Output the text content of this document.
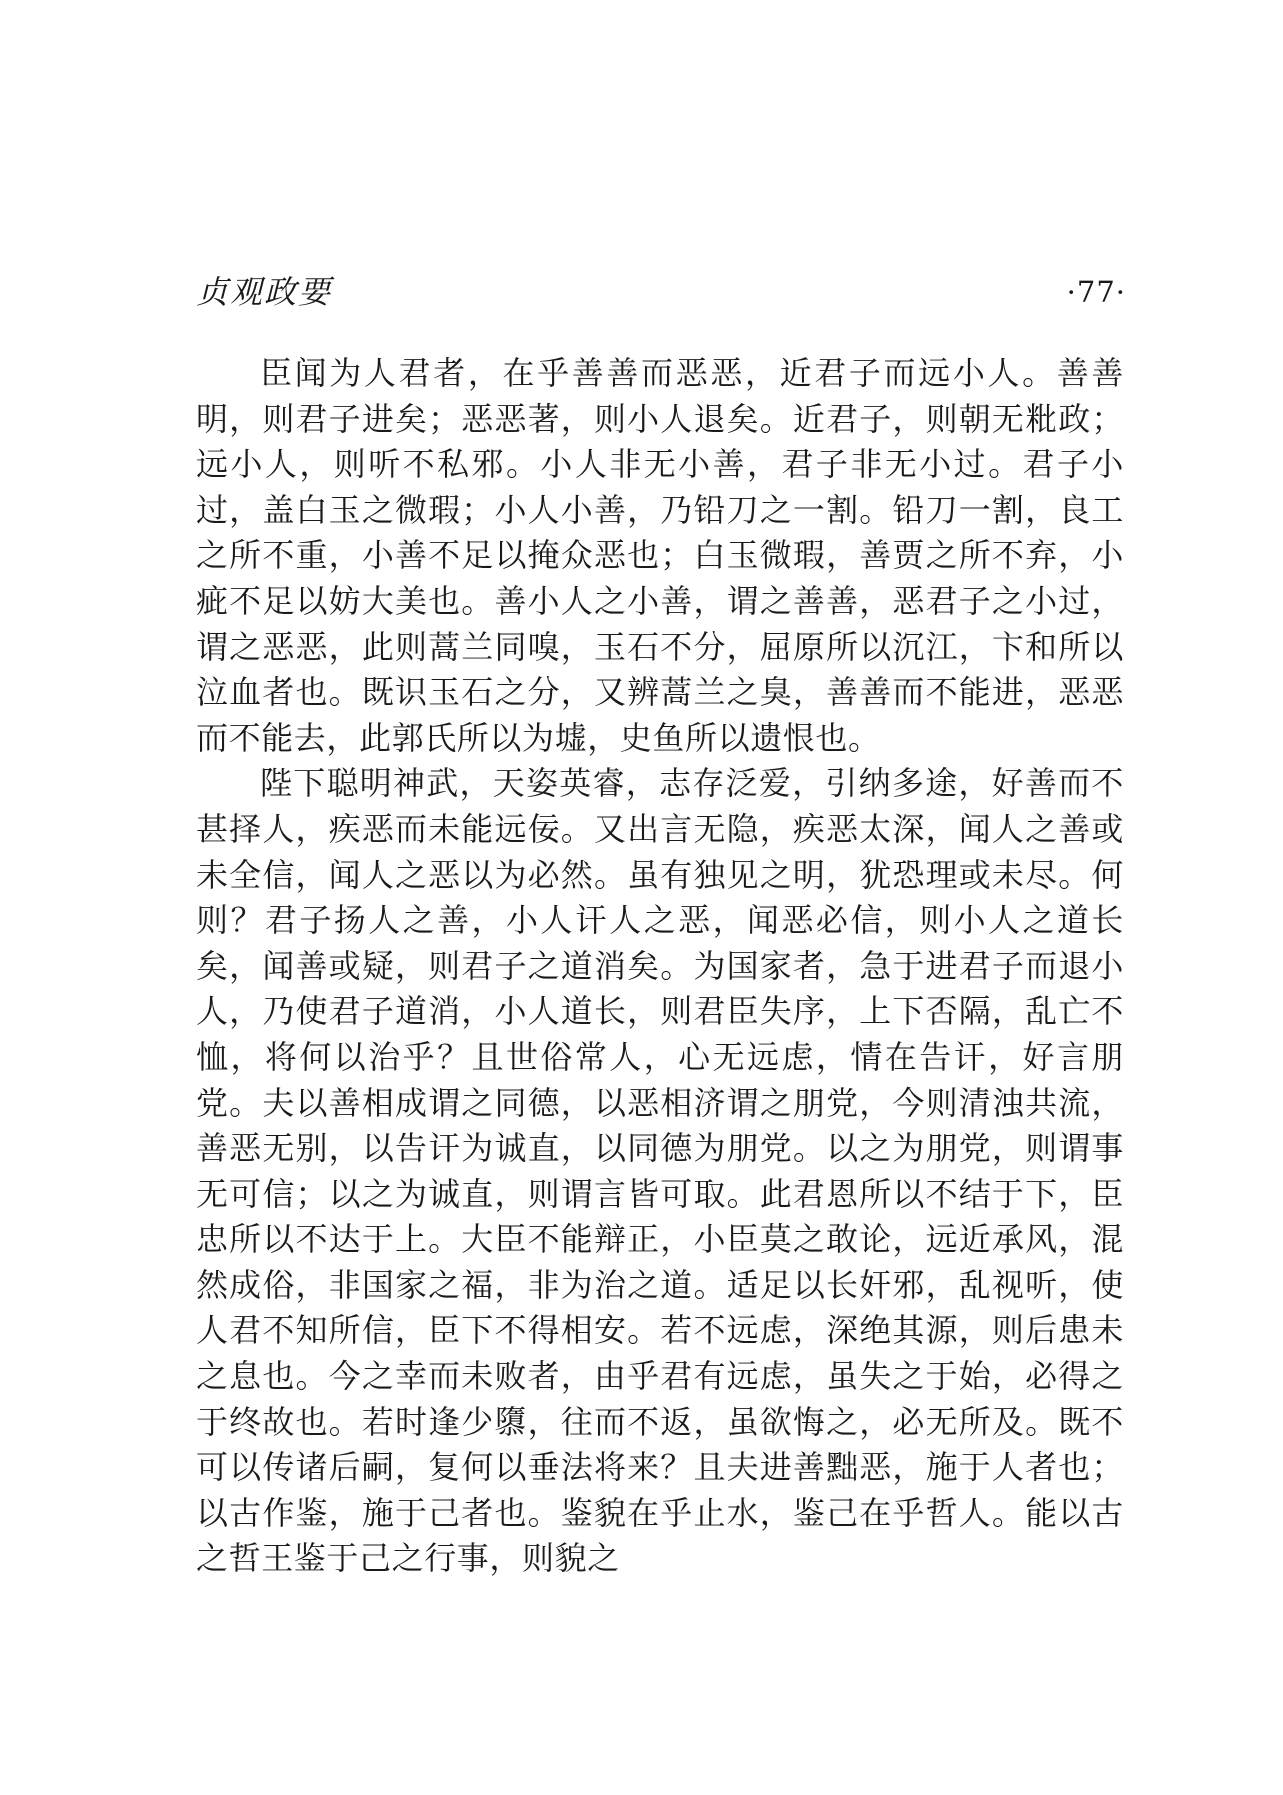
贞观政要	·77·

臣闻为人君者，在乎善善而恶恶，近君子而远小人。善善明，则君子进矣；恶恶著，则小人退矣。近君子，则朝无粃政；远小人，则听不私邪。小人非无小善，君子非无小过。君子小过，盖白玉之微瑕；小人小善，乃铅刀之一割。铅刀一割，良工之所不重，小善不足以掩众恶也；白玉微瑕，善贾之所不弃，小疵不足以妨大美也。善小人之小善，谓之善善，恶君子之小过，谓之恶恶，此则蒿兰同嗅，玉石不分，屈原所以沉江，卞和所以泣血者也。既识玉石之分，又辨蒿兰之臭，善善而不能进，恶恶而不能去，此郭氏所以为墟，史鱼所以遗恨也。

陛下聪明神武，天姿英睿，志存泛爱，引纳多途，好善而不甚择人，疾恶而未能远佞。又出言无隐，疾恶太深，闻人之善或未全信，闻人之恶以为必然。虽有独见之明，犹恐理或未尽。何则？君子扬人之善，小人讦人之恶，闻恶必信，则小人之道长矣，闻善或疑，则君子之道消矣。为国家者，急于进君子而退小人，乃使君子道消，小人道长，则君臣失序，上下否隔，乱亡不恤，将何以治乎？且世俗常人，心无远虑，情在告讦，好言朋党。夫以善相成谓之同德，以恶相济谓之朋党，今则清浊共流，善恶无别，以告讦为诚直，以同德为朋党。以之为朋党，则谓事无可信；以之为诚直，则谓言皆可取。此君恩所以不结于下，臣忠所以不达于上。大臣不能辩正，小臣莫之敢论，远近承风，混然成俗，非国家之福，非为治之道。适足以长奸邪，乱视听，使人君不知所信，臣下不得相安。若不远虑，深绝其源，则后患未之息也。今之幸而未败者，由乎君有远虑，虽失之于始，必得之于终故也。若时逢少隳，往而不返，虽欲悔之，必无所及。既不可以传诸后嗣，复何以垂法将来？且夫进善黜恶，施于人者也；以古作鉴，施于己者也。鉴貌在乎止水，鉴己在乎哲人。能以古之哲王鉴于己之行事，则貌之
